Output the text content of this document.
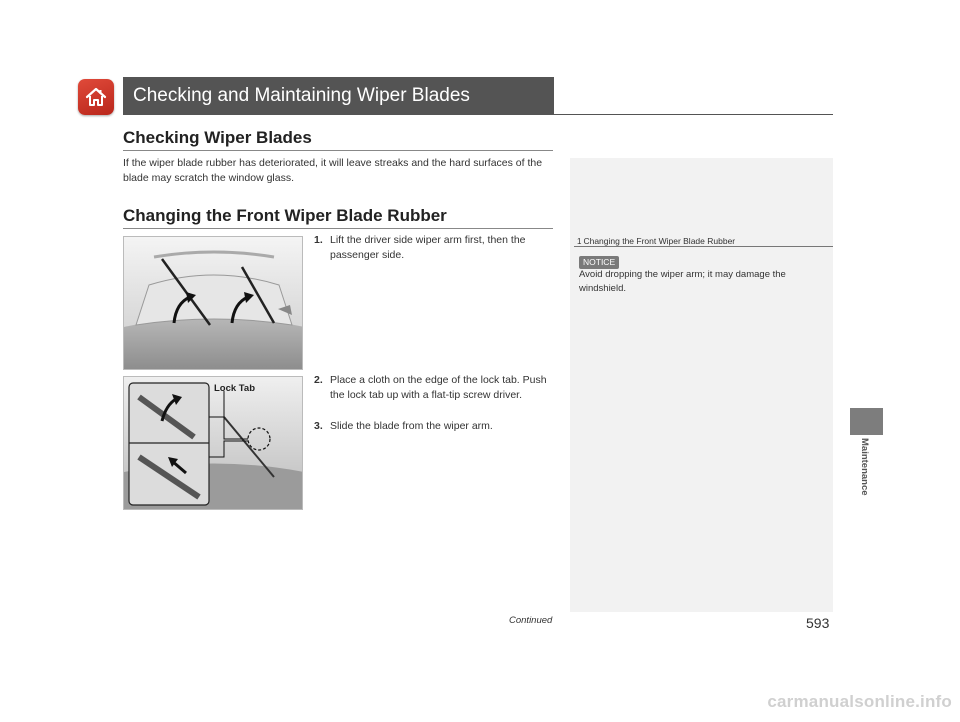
Checking and Maintaining Wiper Blades
Checking Wiper Blades
If the wiper blade rubber has deteriorated, it will leave streaks and the hard surfaces of the blade may scratch the window glass.
Changing the Front Wiper Blade Rubber
Lock Tab
1. Lift the driver side wiper arm first, then the passenger side.
2. Place a cloth on the edge of the lock tab. Push the lock tab up with a flat-tip screw driver.
3. Slide the blade from the wiper arm.
1 Changing the Front Wiper Blade Rubber
NOTICE
Avoid dropping the wiper arm; it may damage the windshield.
Continued	593
Maintenance
carmanualsonline.info
